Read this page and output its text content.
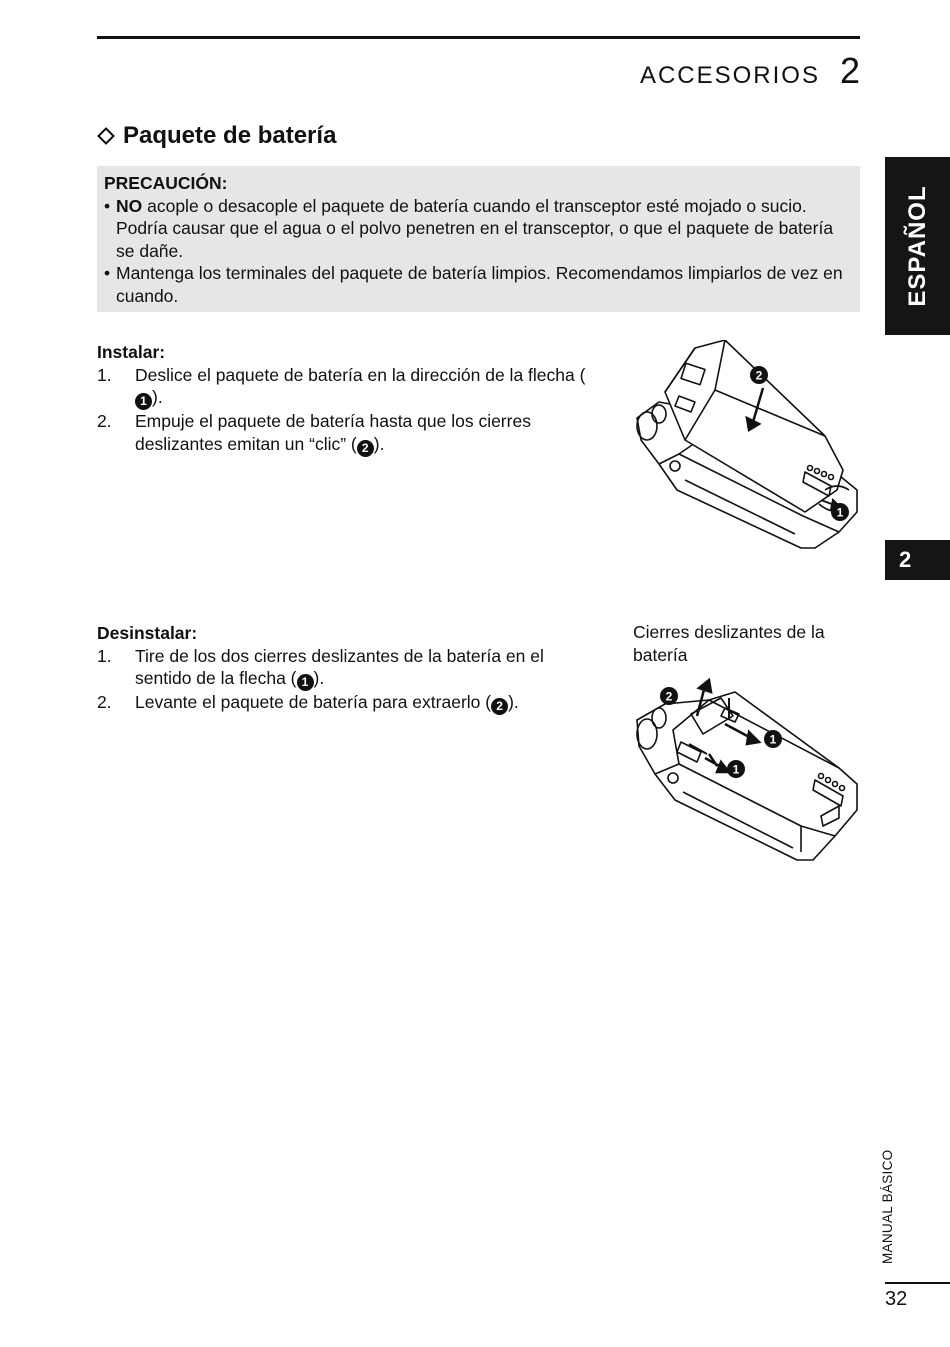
ACCESORIOS 2
Paquete de batería
PRECAUCIÓN:
• NO acople o desacople el paquete de batería cuando el transceptor esté mojado o sucio. Podría causar que el agua o el polvo penetren en el transceptor, o que el paquete de batería se dañe.
• Mantenga los terminales del paquete de batería limpios. Recomendamos limpiarlos de vez en cuando.
Instalar:
1.	Deslice el paquete de batería en la dirección de la flecha (1 ).
2.	Empuje el paquete de batería hasta que los cierres deslizantes emitan un “clic” ( 2 ).
2
1
Desinstalar:
1.	Tire de los dos cierres deslizantes de la batería en el sentido de la flecha ( 1 ).
2.	Levante el paquete de batería para extraerlo ( 2 ).
Cierres deslizantes de la batería
2
1
1
ESPAÑOL
2
MANUAL BÁSICO
32
